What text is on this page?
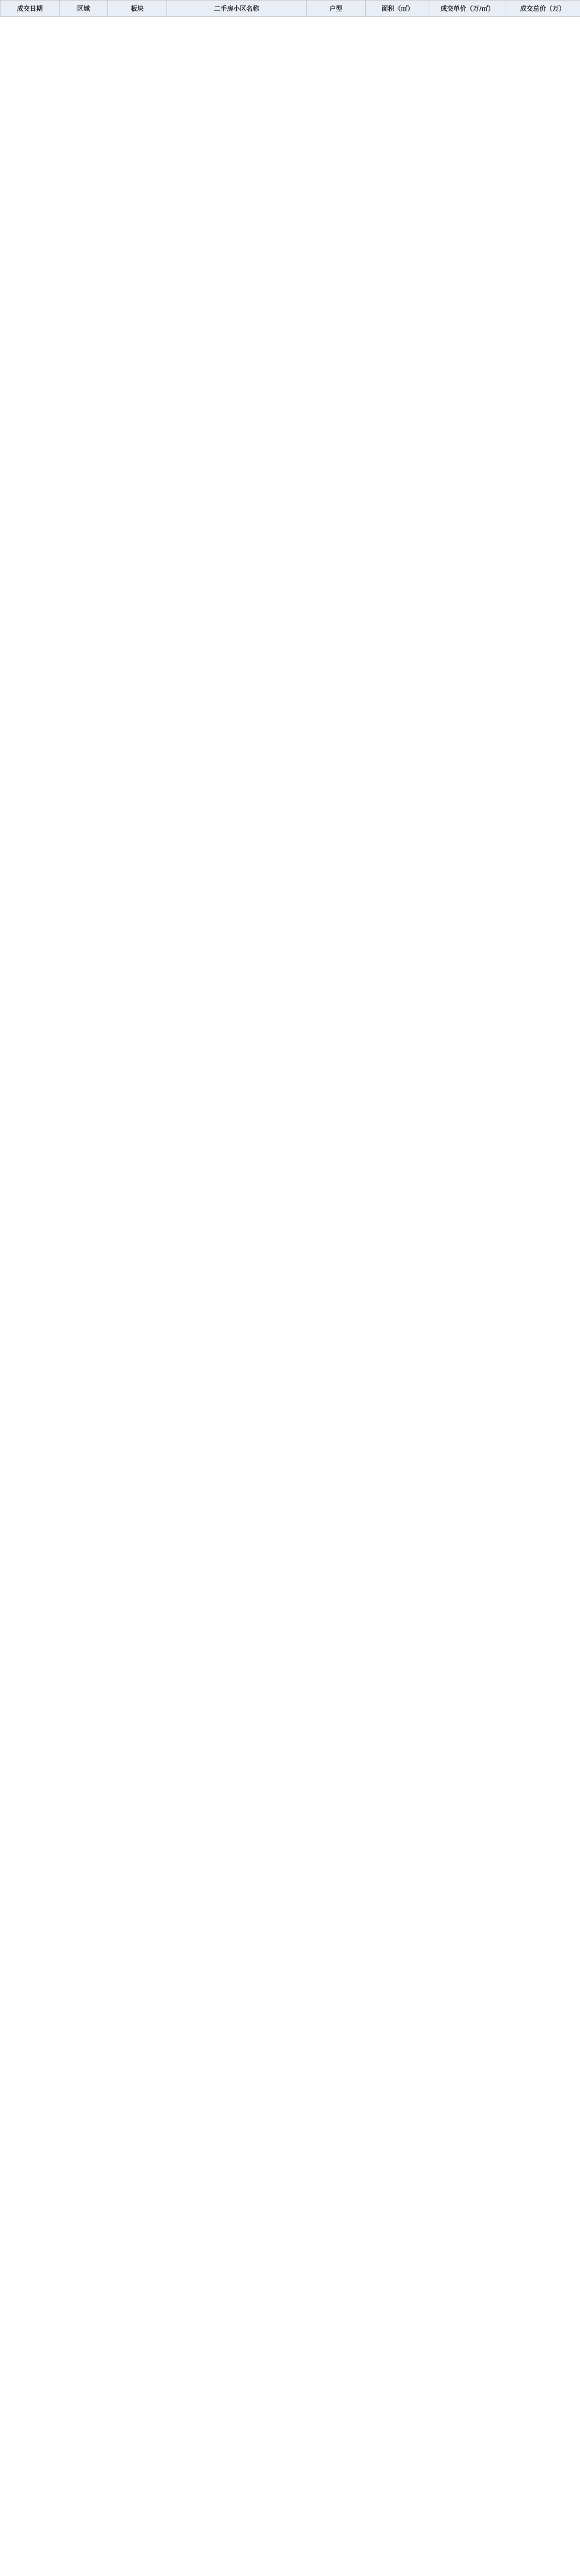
成交日期	区域	板块	二手房小区名称	户型	面积（㎡）	成交单价（万/㎡）	成交总价（万）
